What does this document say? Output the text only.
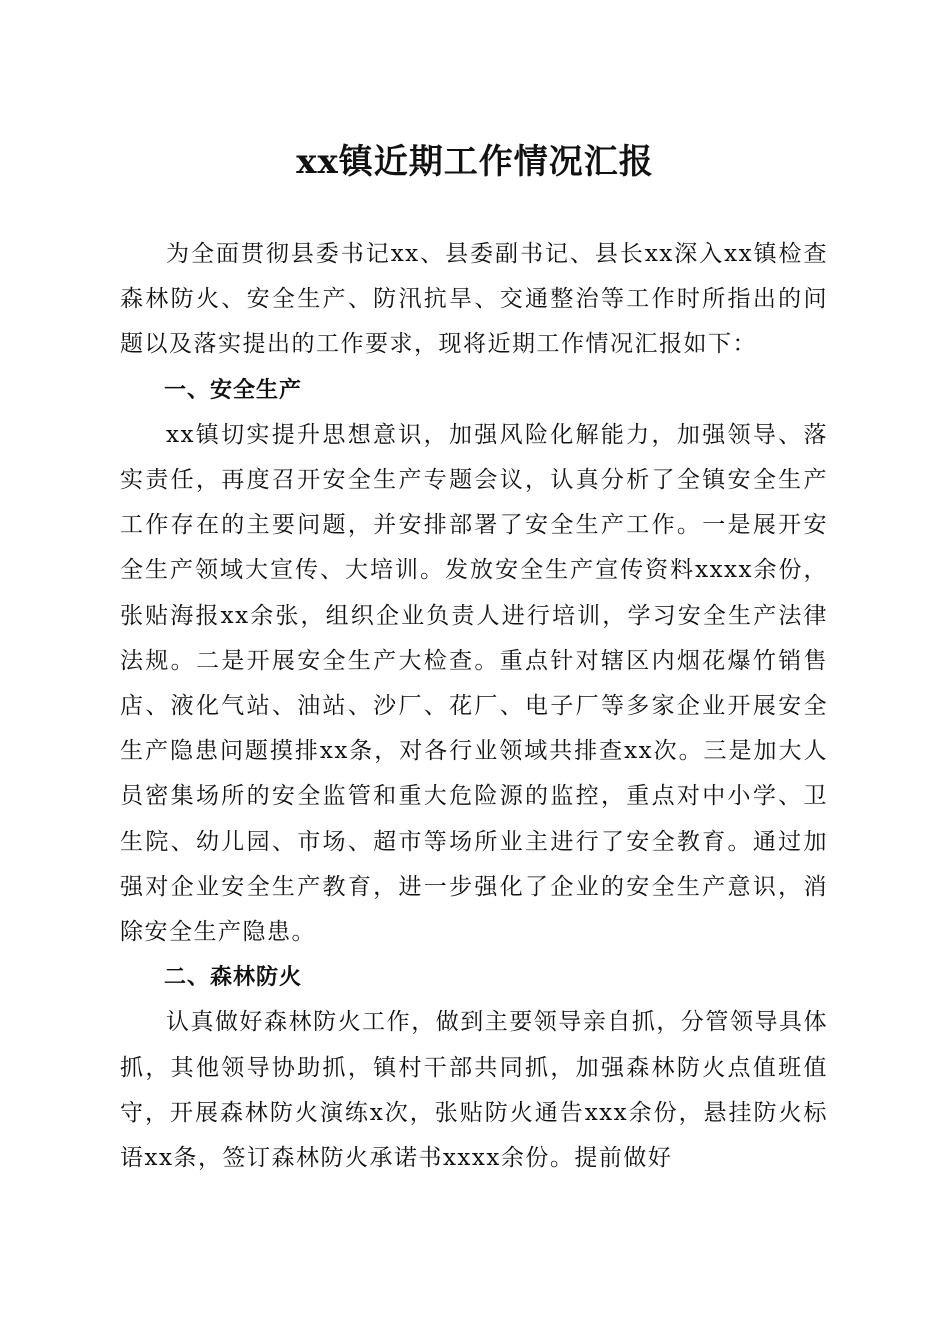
xx镇近期工作情况汇报

为全面贯彻县委书记xx、县委副书记、县长xx深入xx镇检查森林防火、安全生产、防汛抗旱、交通整治等工作时所指出的问题以及落实提出的工作要求，现将近期工作情况汇报如下：

一、安全生产

xx镇切实提升思想意识，加强风险化解能力，加强领导、落实责任，再度召开安全生产专题会议，认真分析了全镇安全生产工作存在的主要问题，并安排部署了安全生产工作。一是展开安全生产领域大宣传、大培训。发放安全生产宣传资料xxxx余份，张贴海报xx余张，组织企业负责人进行培训，学习安全生产法律法规。二是开展安全生产大检查。重点针对辖区内烟花爆竹销售店、液化气站、油站、沙厂、花厂、电子厂等多家企业开展安全生产隐患问题摸排xx条，对各行业领域共排查xx次。三是加大人员密集场所的安全监管和重大危险源的监控，重点对中小学、卫生院、幼儿园、市场、超市等场所业主进行了安全教育。通过加强对企业安全生产教育，进一步强化了企业的安全生产意识，消除安全生产隐患。

二、森林防火

认真做好森林防火工作，做到主要领导亲自抓，分管领导具体抓，其他领导协助抓，镇村干部共同抓，加强森林防火点值班值守，开展森林防火演练x次，张贴防火通告xxx余份，悬挂防火标语xx条，签订森林防火承诺书xxxx余份。提前做好
